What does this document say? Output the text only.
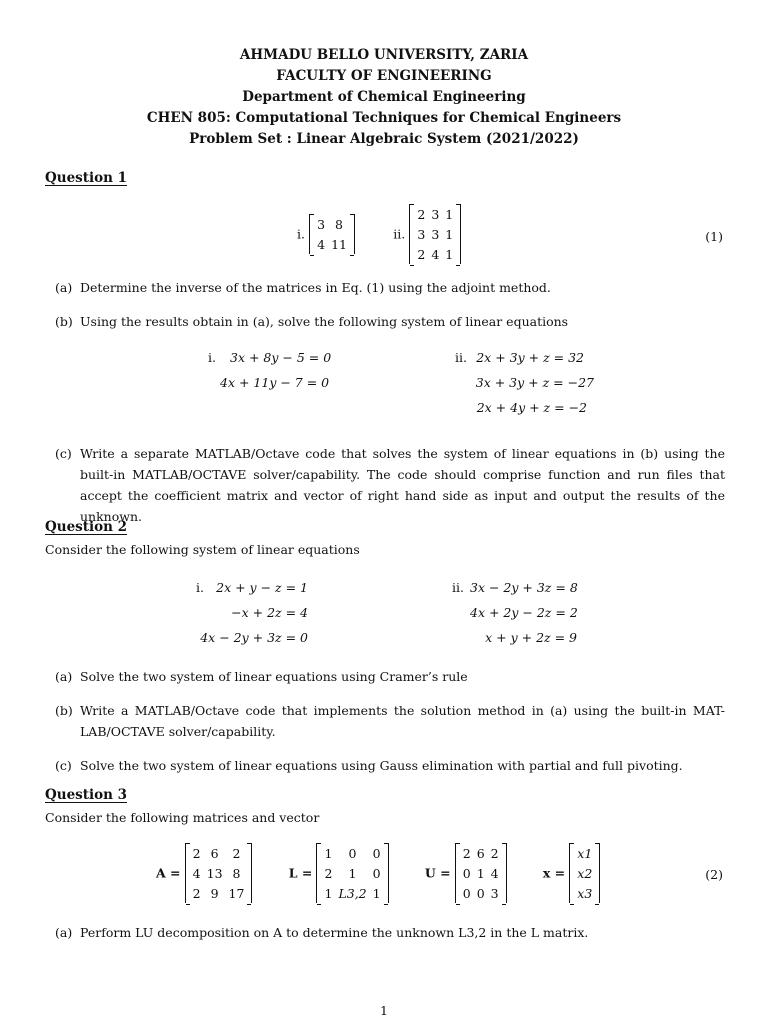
AHMADU BELLO UNIVERSITY, ZARIA
FACULTY OF ENGINEERING
Department of Chemical Engineering
CHEN 805: Computational Techniques for Chemical Engineers
Problem Set : Linear Algebraic System (2021/2022)
Question 1
i.
3	8
4	11
ii.
2	3	1
3	3	1
2	4	1
(1)
(a) Determine the inverse of the matrices in Eq. (1) using the adjoint method.
(b) Using the results obtain in (a), solve the following system of linear equations
i. 3x + 8y − 5 = 0
4x + 11y − 7 = 0
ii. 2x + 3y + z = 32
3x + 3y + z = −27
2x + 4y + z = −2
(c) Write a separate MATLAB/Octave code that solves the system of linear equations in (b) using the built-in MATLAB/OCTAVE solver/capability. The code should comprise function and run files that accept the coefficient matrix and vector of right hand side as input and output the results of the unknown.
Question 2
Consider the following system of linear equations
i. 2x + y − z = 1
−x + 2z = 4
4x − 2y + 3z = 0
ii. 3x − 2y + 3z = 8
4x + 2y − 2z = 2
x + y + 2z = 9
(a) Solve the two system of linear equations using Cramer’s rule
(b) Write a MATLAB/Octave code that implements the solution method in (a) using the built-in MAT-LAB/OCTAVE solver/capability.
(c) Solve the two system of linear equations using Gauss elimination with partial and full pivoting.
Question 3
Consider the following matrices and vector
A =
2	6	2
4	13	8
2	9	17
L =
1	0	0
2	1	0
1	L3,2	1
U =
2	6	2
0	1	4
0	0	3
x =
x1
x2
x3
(2)
(a) Perform LU decomposition on A to determine the unknown L3,2 in the L matrix.
1
